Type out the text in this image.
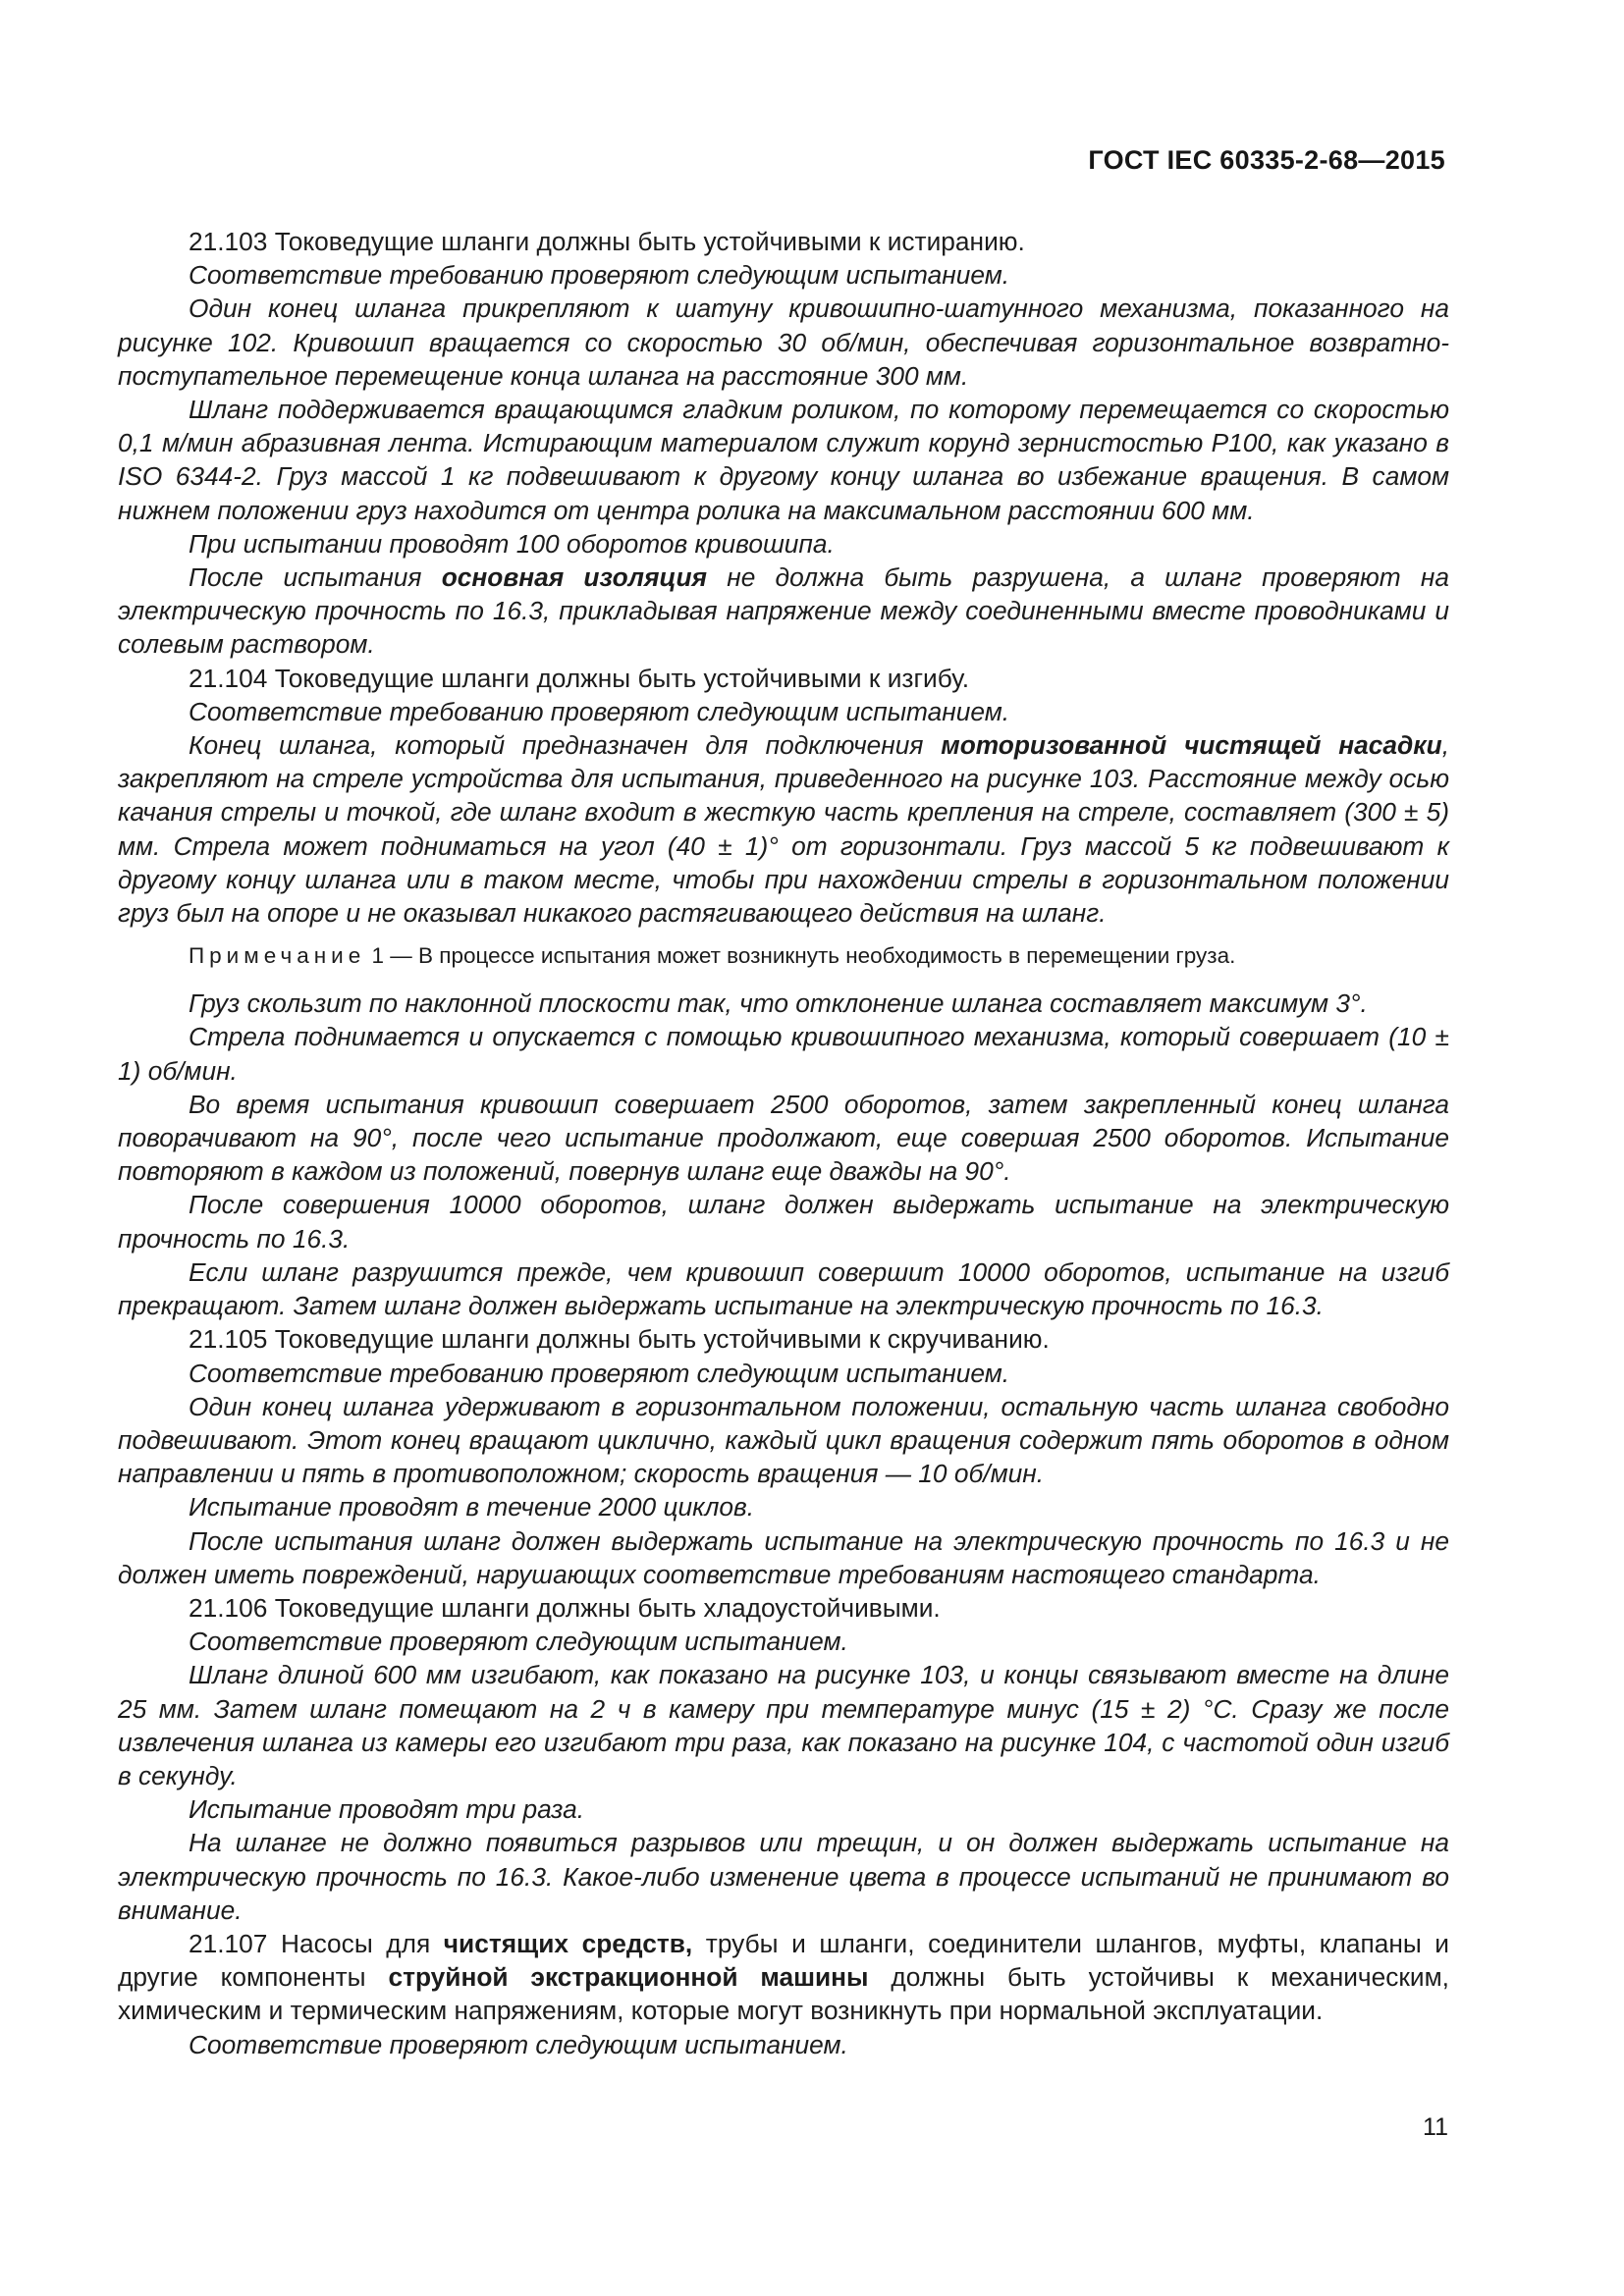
ГОСТ IEC 60335-2-68—2015

21.103 Токоведущие шланги должны быть устойчивыми к истиранию.

Соответствие требованию проверяют следующим испытанием.

Один конец шланга прикрепляют к шатуну кривошипно-шатунного механизма, показанного на рисунке 102. Кривошип вращается со скоростью 30 об/мин, обеспечивая горизонтальное возвратно-поступательное перемещение конца шланга на расстояние 300 мм.

Шланг поддерживается вращающимся гладким роликом, по которому перемещается со скоростью 0,1 м/мин абразивная лента. Истирающим материалом служит корунд зернистостью P100, как указано в ISO 6344-2. Груз массой 1 кг подвешивают к другому концу шланга во избежание вращения. В самом нижнем положении груз находится от центра ролика на максимальном расстоянии 600 мм.

При испытании проводят 100 оборотов кривошипа.

После испытания основная изоляция не должна быть разрушена, а шланг проверяют на электрическую прочность по 16.3, прикладывая напряжение между соединенными вместе проводниками и солевым раствором.

21.104 Токоведущие шланги должны быть устойчивыми к изгибу.

Соответствие требованию проверяют следующим испытанием.

Конец шланга, который предназначен для подключения моторизованной чистящей насадки, закрепляют на стреле устройства для испытания, приведенного на рисунке 103. Расстояние между осью качания стрелы и точкой, где шланг входит в жесткую часть крепления на стреле, составляет (300 ± 5) мм. Стрела может подниматься на угол (40 ± 1)° от горизонтали. Груз массой 5 кг подвешивают к другому концу шланга или в таком месте, чтобы при нахождении стрелы в горизонтальном положении груз был на опоре и не оказывал никакого растягивающего действия на шланг.

Примечание 1 — В процессе испытания может возникнуть необходимость в перемещении груза.

Груз скользит по наклонной плоскости так, что отклонение шланга составляет максимум 3°.

Стрела поднимается и опускается с помощью кривошипного механизма, который совершает (10 ± 1) об/мин.

Во время испытания кривошип совершает 2500 оборотов, затем закрепленный конец шланга поворачивают на 90°, после чего испытание продолжают, еще совершая 2500 оборотов. Испытание повторяют в каждом из положений, повернув шланг еще дважды на 90°.

После совершения 10000 оборотов, шланг должен выдержать испытание на электрическую прочность по 16.3.

Если шланг разрушится прежде, чем кривошип совершит 10000 оборотов, испытание на изгиб прекращают. Затем шланг должен выдержать испытание на электрическую прочность по 16.3.

21.105 Токоведущие шланги должны быть устойчивыми к скручиванию.

Соответствие требованию проверяют следующим испытанием.

Один конец шланга удерживают в горизонтальном положении, остальную часть шланга свободно подвешивают. Этот конец вращают циклично, каждый цикл вращения содержит пять оборотов в одном направлении и пять в противоположном; скорость вращения — 10 об/мин.

Испытание проводят в течение 2000 циклов.

После испытания шланг должен выдержать испытание на электрическую прочность по 16.3 и не должен иметь повреждений, нарушающих соответствие требованиям настоящего стандарта.

21.106 Токоведущие шланги должны быть хладоустойчивыми.

Соответствие проверяют следующим испытанием.

Шланг длиной 600 мм изгибают, как показано на рисунке 103, и концы связывают вместе на длине 25 мм. Затем шланг помещают на 2 ч в камеру при температуре минус (15 ± 2) °С. Сразу же после извлечения шланга из камеры его изгибают три раза, как показано на рисунке 104, с частотой один изгиб в секунду.

Испытание проводят три раза.

На шланге не должно появиться разрывов или трещин, и он должен выдержать испытание на электрическую прочность по 16.3. Какое-либо изменение цвета в процессе испытаний не принимают во внимание.

21.107 Насосы для чистящих средств, трубы и шланги, соединители шлангов, муфты, клапаны и другие компоненты струйной экстракционной машины должны быть устойчивы к механическим, химическим и термическим напряжениям, которые могут возникнуть при нормальной эксплуатации.

Соответствие проверяют следующим испытанием.

11
